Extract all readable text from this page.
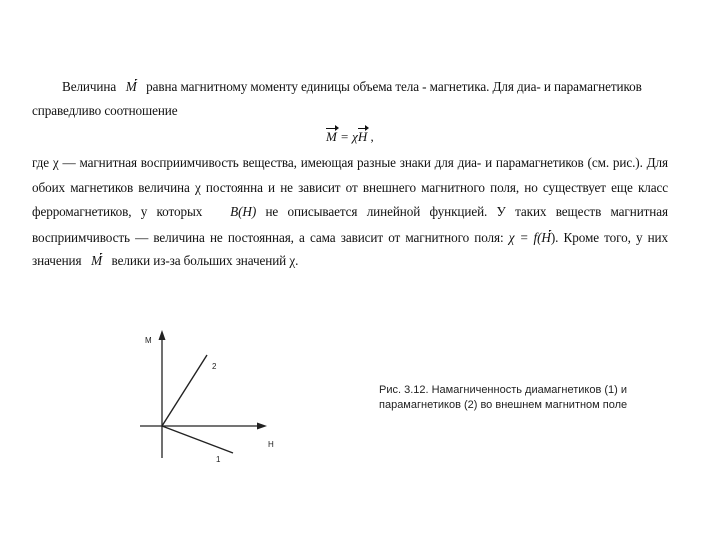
Величина M равна магнитному моменту единицы объема тела - магнетика. Для диа- и парамагнетиков
справедливо соотношение
M = χH ,
где χ — магнитная восприимчивость вещества, имеющая разные знаки для диа- и парамагнетиков (см. рис.). Для
обоих магнетиков величина χ постоянна и не зависит от внешнего магнитного поля, но существует еще класс
ферромагнетиков, у которых B(H) не описывается линейной функцией. У таких веществ магнитная
восприимчивость — величина не постоянная, а сама зависит от магнитного поля: χ = f(H). Кроме того, у них
значения M велики из-за больших значений χ.
M
H
2
1
Рис. 3.12. Намагниченность диамагнетиков (1) и парамагнетиков (2) во внешнем магнитном поле
